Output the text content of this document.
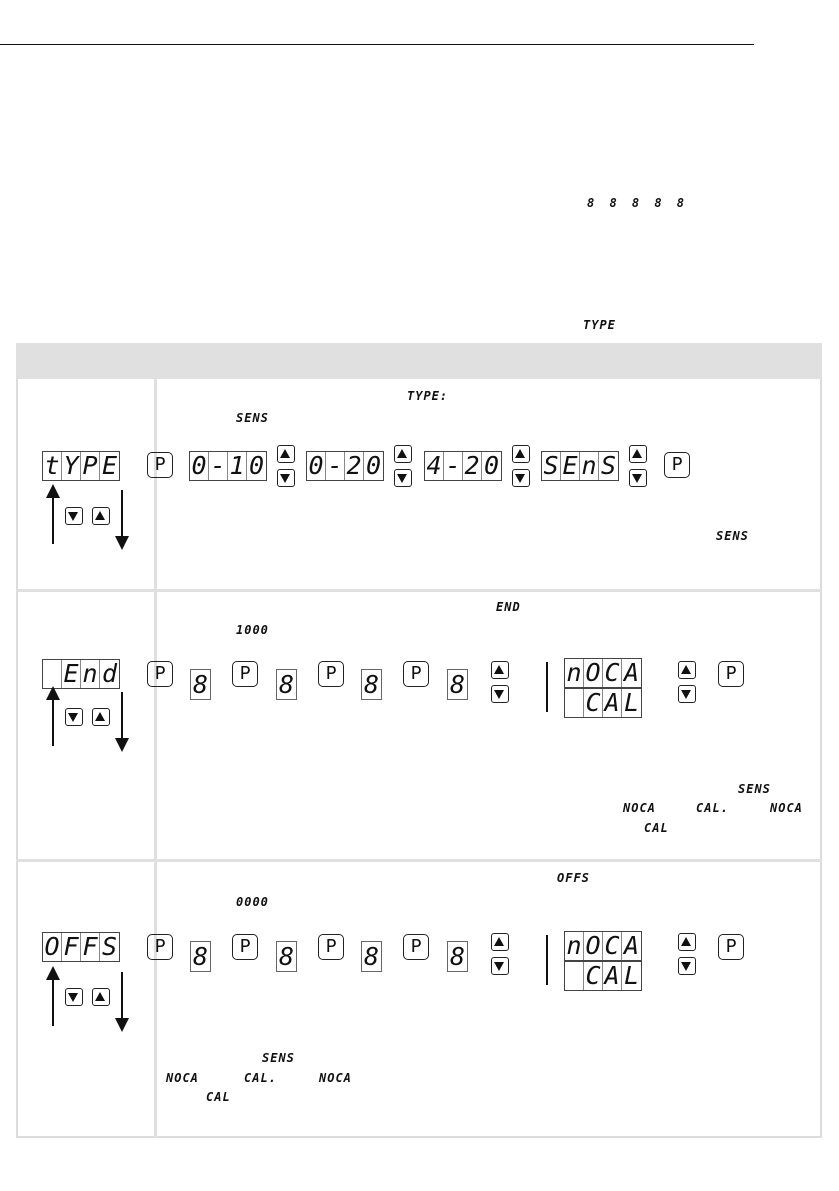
8 8 8 8 8
TYPE
TYPE:
SENS
t Y P E	P	0 - 1 0 0 - 2 0 4 - 2 0 S E n S	P
SENS
END
1000
E n d	P	8	P	8	P	8	P	8	n O C A
C A L
P
SENS
NOCA	CAL.	NOCA
CAL
OFFS
0000
O F F S	P	8	P	8	P	8	P	8	n O C A
C A L
P
SENS
NOCA	CAL.	NOCA
CAL
